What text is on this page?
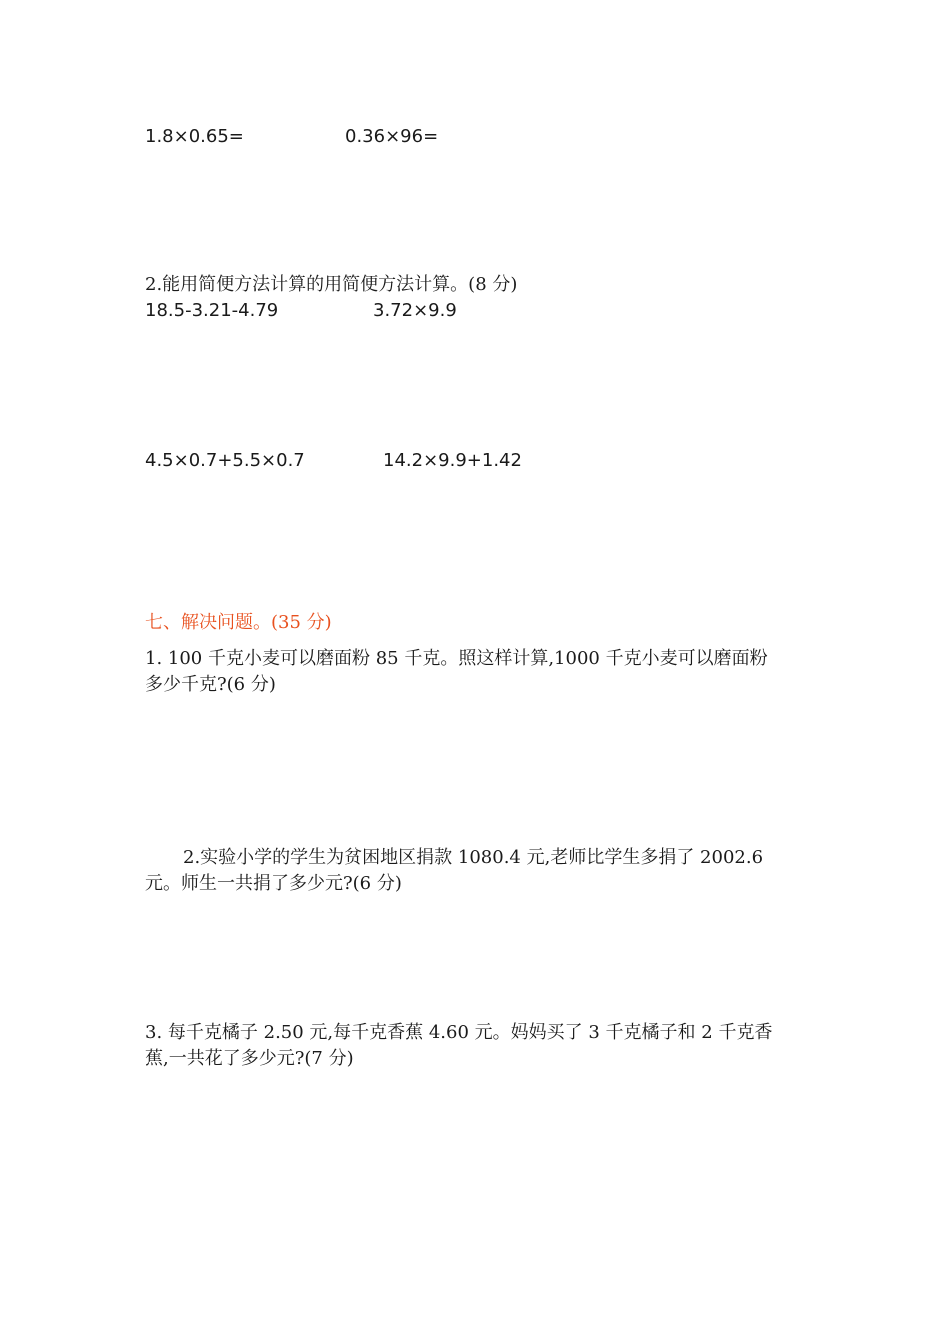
1.8×0.65=	0.36×96=
2.能用简便方法计算的用简便方法计算。(8 分)
18.5-3.21-4.79	3.72×9.9
4.5×0.7+5.5×0.7	14.2×9.9+1.42
七、解决问题。(35 分)
1. 100 千克小麦可以磨面粉 85 千克。照这样计算,1000 千克小麦可以磨面粉
多少千克?(6 分)
2.实验小学的学生为贫困地区捐款 1080.4 元,老师比学生多捐了 2002.6
元。师生一共捐了多少元?(6 分)
3. 每千克橘子 2.50 元,每千克香蕉 4.60 元。妈妈买了 3 千克橘子和 2 千克香
蕉,一共花了多少元?(7 分)
